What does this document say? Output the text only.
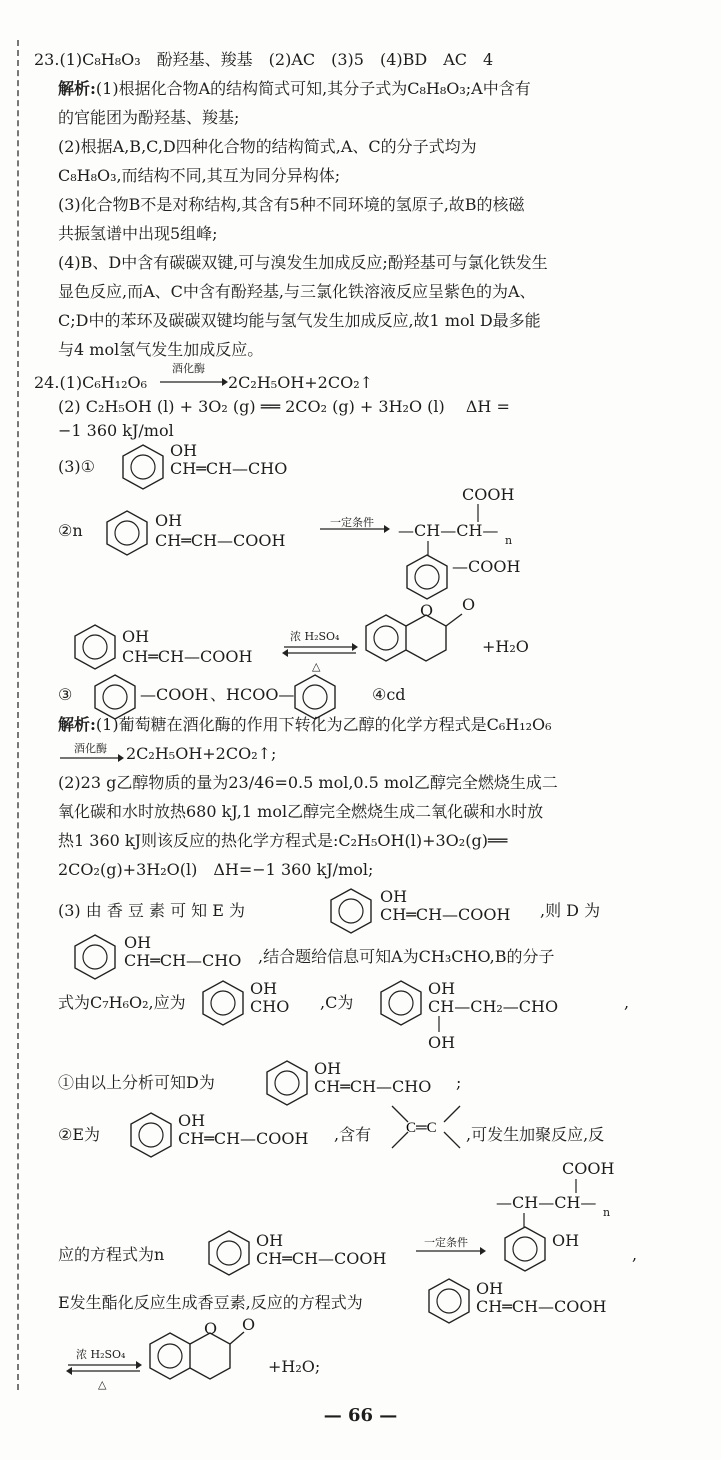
23.(1)C₈H₈O₃　酚羟基、羧基　(2)AC　(3)5　(4)BD　AC　4
解析:(1)根据化合物A的结构简式可知,其分子式为C₈H₈O₃;A中含有
的官能团为酚羟基、羧基;
(2)根据A,B,C,D四种化合物的结构简式,A、C的分子式均为
C₈H₈O₃,而结构不同,其互为同分异构体;
(3)化合物B不是对称结构,其含有5种不同环境的氢原子,故B的核磁
共振氢谱中出现5组峰;
(4)B、D中含有碳碳双键,可与溴发生加成反应;酚羟基可与氯化铁发生
显色反应,而A、C中含有酚羟基,与三氯化铁溶液反应呈紫色的为A、
C;D中的苯环及碳碳双键均能与氢气发生加成反应,故1 mol D最多能
与4 mol氢气发生加成反应。
24.(1)C₆H₁₂O₆
酒化酶
2C₂H₅OH+2CO₂↑
(2) C₂H₅OH (l) + 3O₂ (g) ══ 2CO₂ (g) + 3H₂O (l)　 ΔH =
−1 360 kJ/mol
(3)①
OH
CH═CH—CHO
②n
OH
CH═CH—COOH
一定条件
COOH
—CH—CH—
n
—COOH
OH
CH═CH—COOH
浓 H₂SO₄
△
O O
+H₂O
③	—COOH 、HCOO—	④cd
解析:(1)葡萄糖在酒化酶的作用下转化为乙醇的化学方程式是C₆H₁₂O₆
酒化酶 2C₂H₅OH+2CO₂↑;
(2)23 g乙醇物质的量为23/46=0.5 mol,0.5 mol乙醇完全燃烧生成二
氧化碳和水时放热680 kJ,1 mol乙醇完全燃烧生成二氧化碳和水时放
热1 360 kJ则该反应的热化学方程式是:C₂H₅OH(l)+3O₂(g)══
2CO₂(g)+3H₂O(l)　ΔH=−1 360 kJ/mol;
(3) 由 香 豆 素 可 知 E 为
OH
CH═CH—COOH ,则 D 为
OH
CH═CH—CHO ,结合题给信息可知A为CH₃CHO,B的分子
式为C₇H₆O₂,应为
OH
CHO ,C为
OH
CH—CH₂—CHO
OH
,
①由以上分析可知D为
OH
CH═CH—CHO ;
②E为
OH
CH═CH—COOH ,含有 C═C ,可发生加聚反应,反
COOH
—CH—CH—
n
应的方程式为n
OH
CH═CH—COOH
一定条件	OH
,
E发生酯化反应生成香豆素,反应的方程式为
OH
CH═CH—COOH
浓 H₂SO₄
△
O O
+H₂O;
— 66 —
